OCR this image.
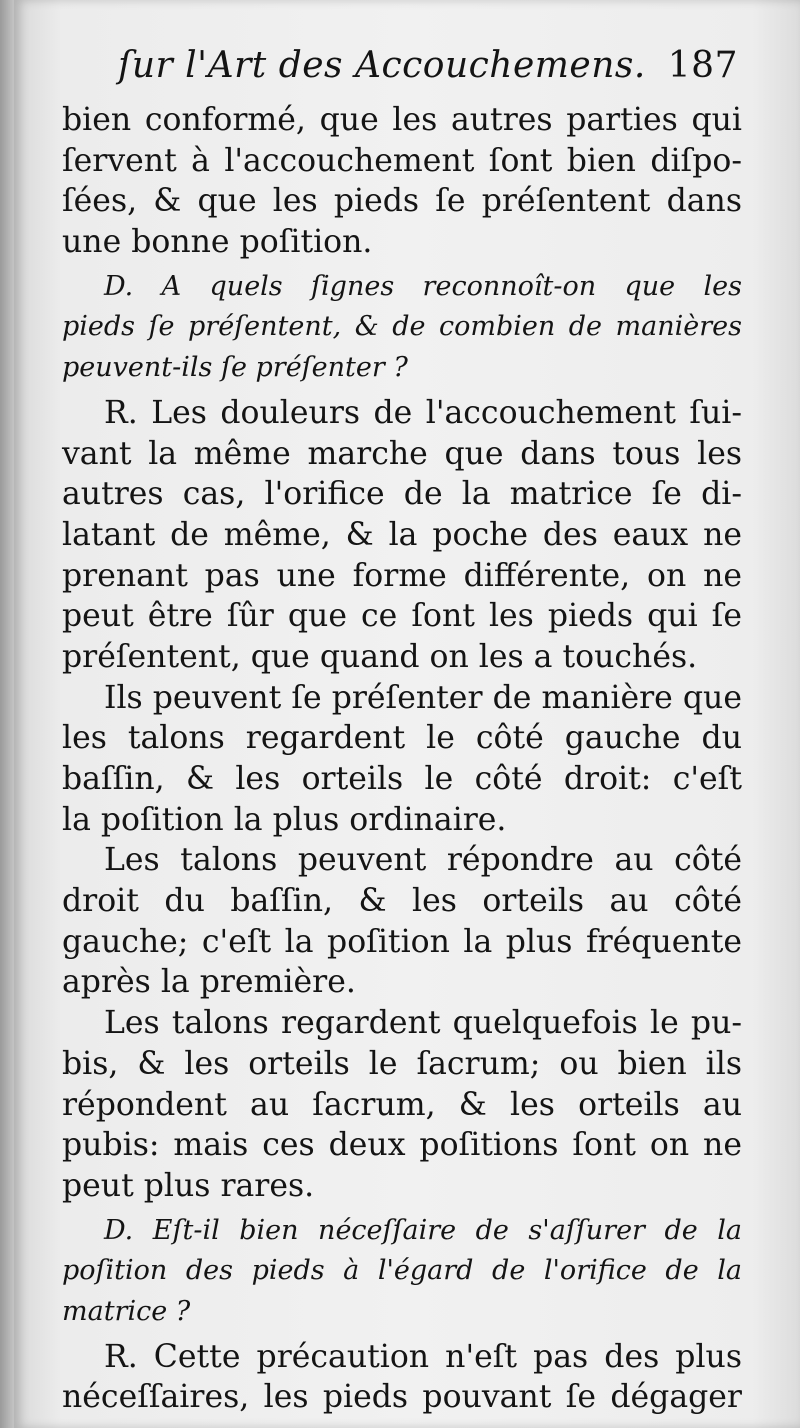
ſur l'Art des Accouchemens. 187
bien conformé, que les autres parties qui
ſervent à l'accouchement ſont bien diſpo-
ſées, & que les pieds ſe préſentent dans
une bonne poſition.
D. A quels ſignes reconnoît-on que les
pieds ſe préſentent, & de combien de manières
peuvent-ils ſe préſenter ?
R. Les douleurs de l'accouchement ſui-
vant la même marche que dans tous les
autres cas, l'orifice de la matrice ſe di-
latant de même, & la poche des eaux ne
prenant pas une forme différente, on ne
peut être ſûr que ce ſont les pieds qui ſe
préſentent, que quand on les a touchés.
Ils peuvent ſe préſenter de manière que
les talons regardent le côté gauche du
baſſin, & les orteils le côté droit: c'eſt
la poſition la plus ordinaire.
Les talons peuvent répondre au côté
droit du baſſin, & les orteils au côté
gauche; c'eſt la poſition la plus fréquente
après la première.
Les talons regardent quelquefois le pu-
bis, & les orteils le ſacrum; ou bien ils
répondent au ſacrum, & les orteils au
pubis: mais ces deux poſitions ſont on ne
peut plus rares.
D. Eſt-il bien néceſſaire de s'aſſurer de la
poſition des pieds à l'égard de l'orifice de la
matrice ?
R. Cette précaution n'eſt pas des plus
néceſſaires, les pieds pouvant ſe dégager
